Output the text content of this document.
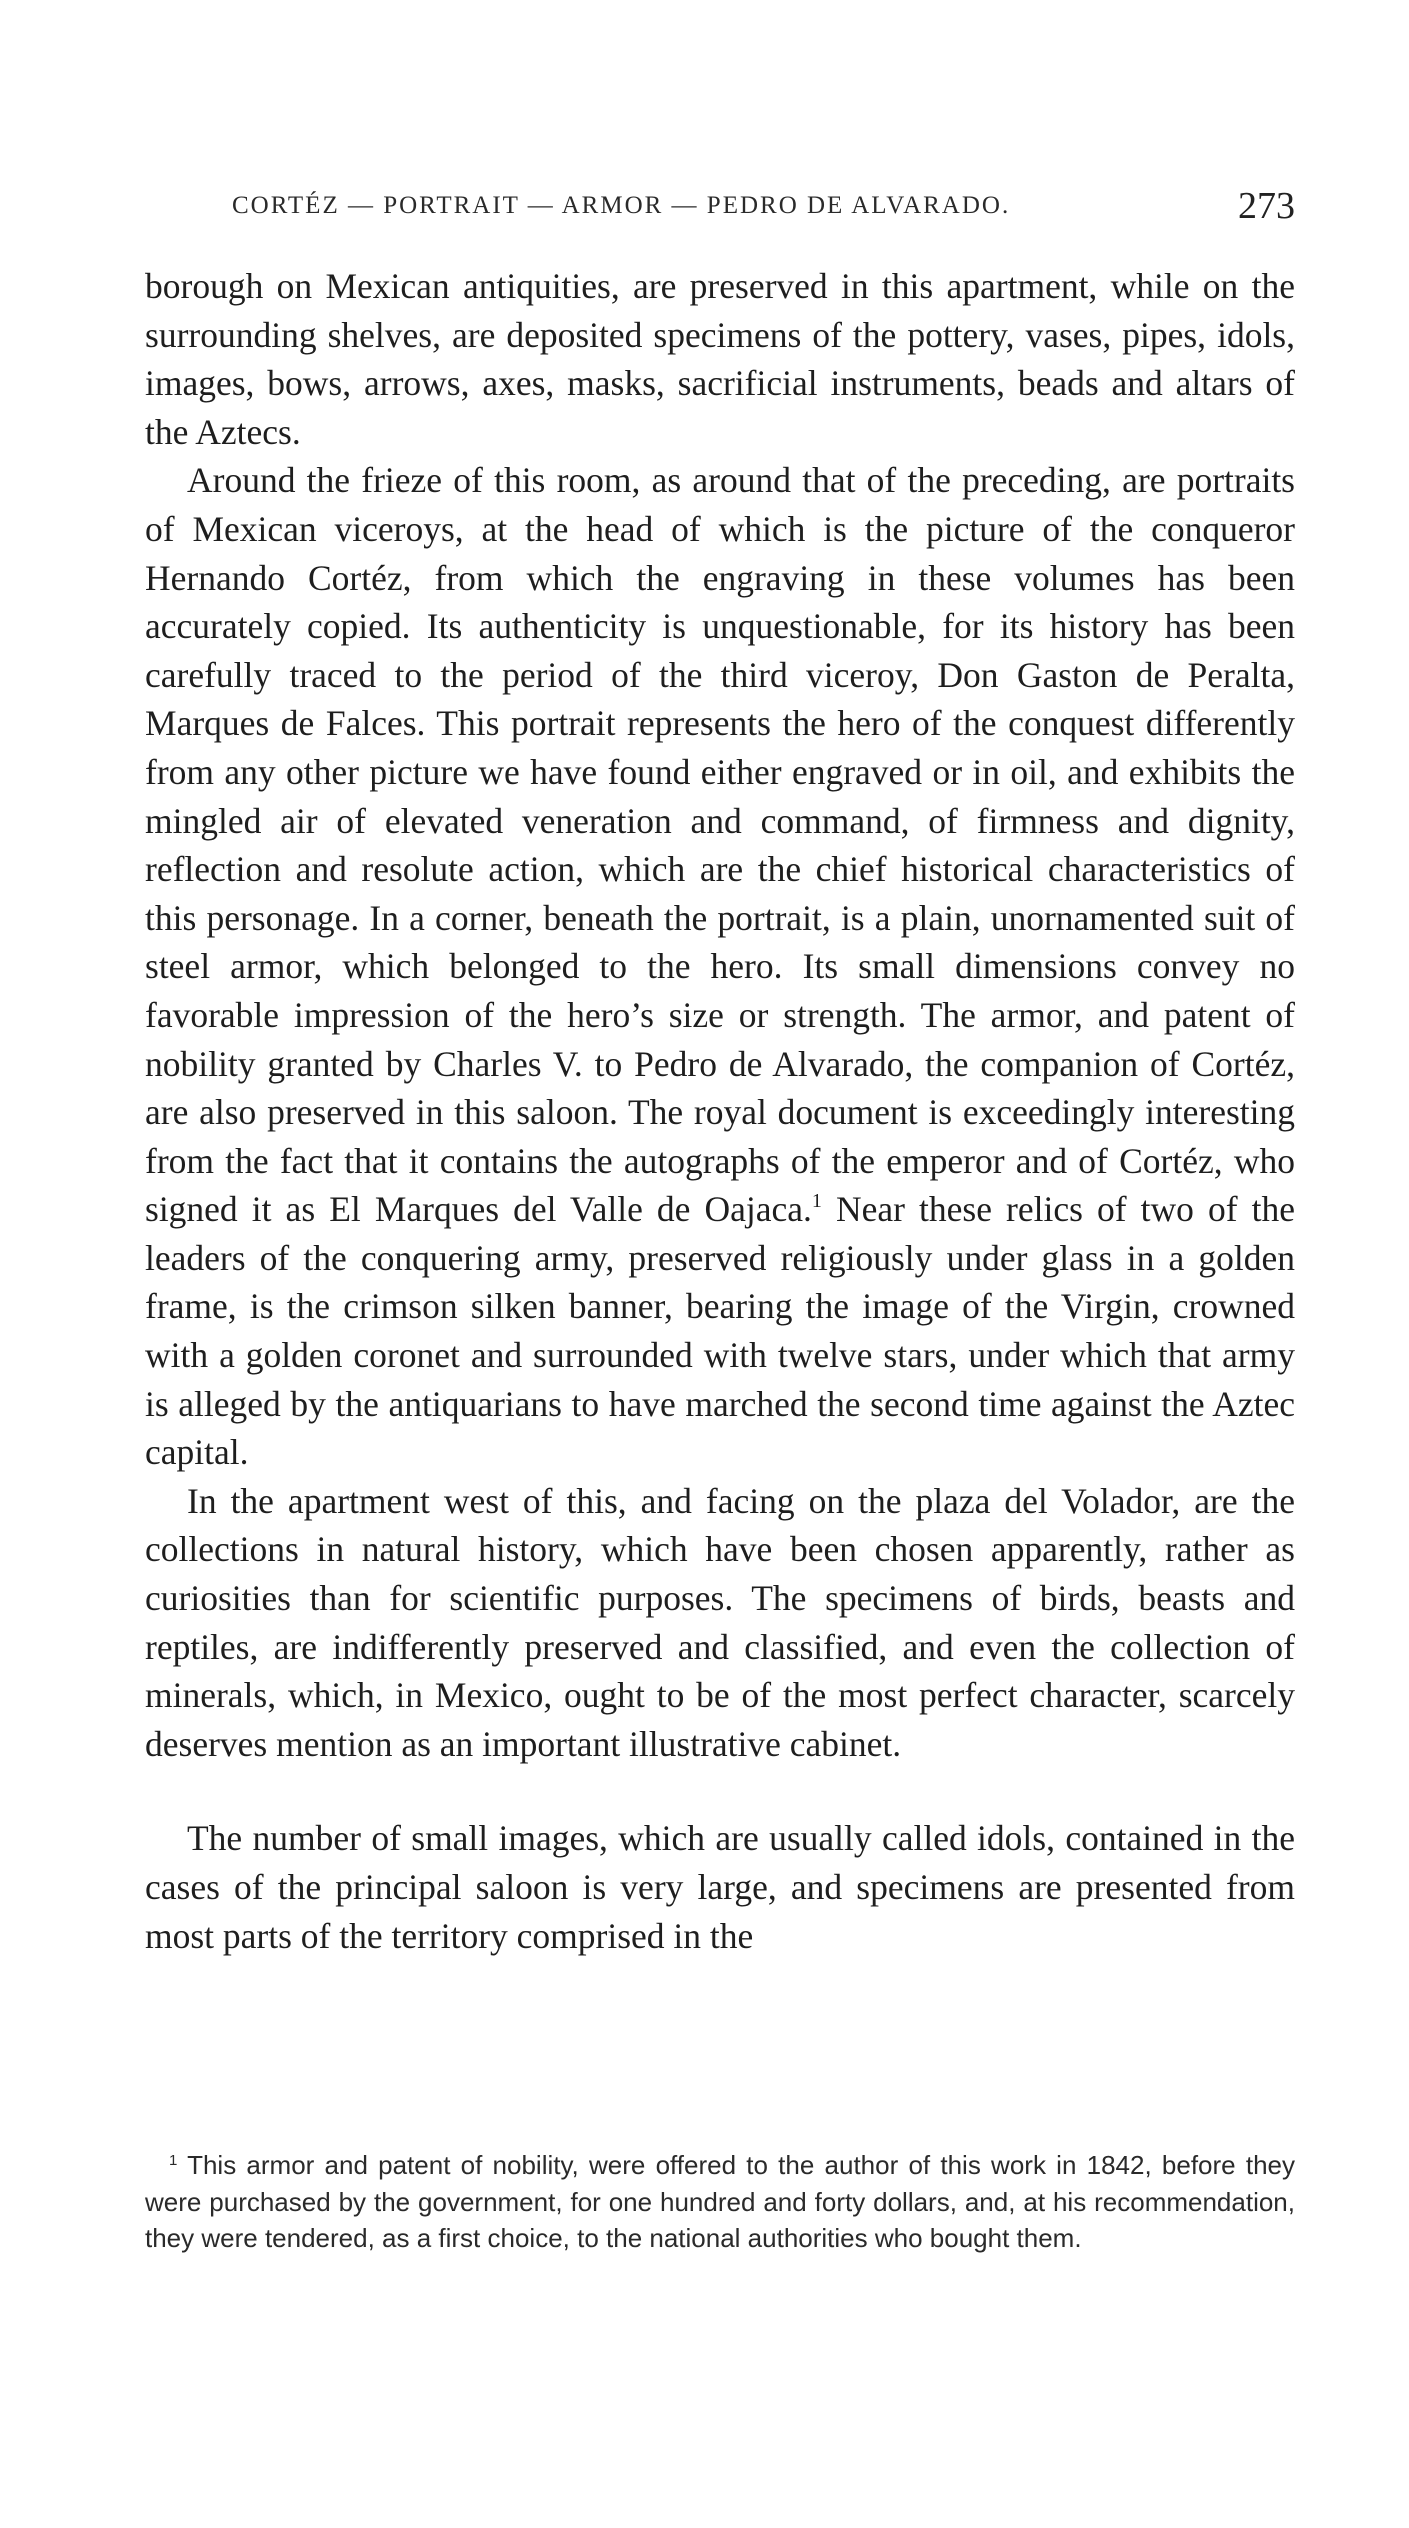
CORTÉZ — PORTRAIT — ARMOR — PEDRO DE ALVARADO.	273

borough on Mexican antiquities, are preserved in this apartment, while on the surrounding shelves, are deposited specimens of the pottery, vases, pipes, idols, images, bows, arrows, axes, masks, sacrificial instruments, beads and altars of the Aztecs.

Around the frieze of this room, as around that of the preceding, are portraits of Mexican viceroys, at the head of which is the picture of the conqueror Hernando Cortéz, from which the engraving in these volumes has been accurately copied. Its authenticity is unquestionable, for its history has been carefully traced to the period of the third viceroy, Don Gaston de Peralta, Marques de Falces. This portrait represents the hero of the conquest differently from any other picture we have found either engraved or in oil, and exhibits the mingled air of elevated veneration and command, of firmness and dignity, reflection and resolute action, which are the chief historical characteristics of this personage. In a corner, beneath the portrait, is a plain, unornamented suit of steel armor, which belonged to the hero. Its small dimensions convey no favorable impression of the hero’s size or strength. The armor, and patent of nobility granted by Charles V. to Pedro de Alvarado, the companion of Cortéz, are also preserved in this saloon. The royal document is exceedingly interesting from the fact that it contains the autographs of the emperor and of Cortéz, who signed it as El Marques del Valle de Oajaca.$^1$ Near these relics of two of the leaders of the conquering army, preserved religiously under glass in a golden frame, is the crimson silken banner, bearing the image of the Virgin, crowned with a golden coronet and surrounded with twelve stars, under which that army is alleged by the antiquarians to have marched the second time against the Aztec capital.

In the apartment west of this, and facing on the plaza del Volador, are the collections in natural history, which have been chosen apparently, rather as curiosities than for scientific purposes. The specimens of birds, beasts and reptiles, are indifferently preserved and classified, and even the collection of minerals, which, in Mexico, ought to be of the most perfect character, scarcely deserves mention as an important illustrative cabinet.

The number of small images, which are usually called idols, contained in the cases of the principal saloon is very large, and specimens are presented from most parts of the territory comprised in the

$^1$ This armor and patent of nobility, were offered to the author of this work in 1842, before they were purchased by the government, for one hundred and forty dollars, and, at his recommendation, they were tendered, as a first choice, to the national authorities who bought them.
